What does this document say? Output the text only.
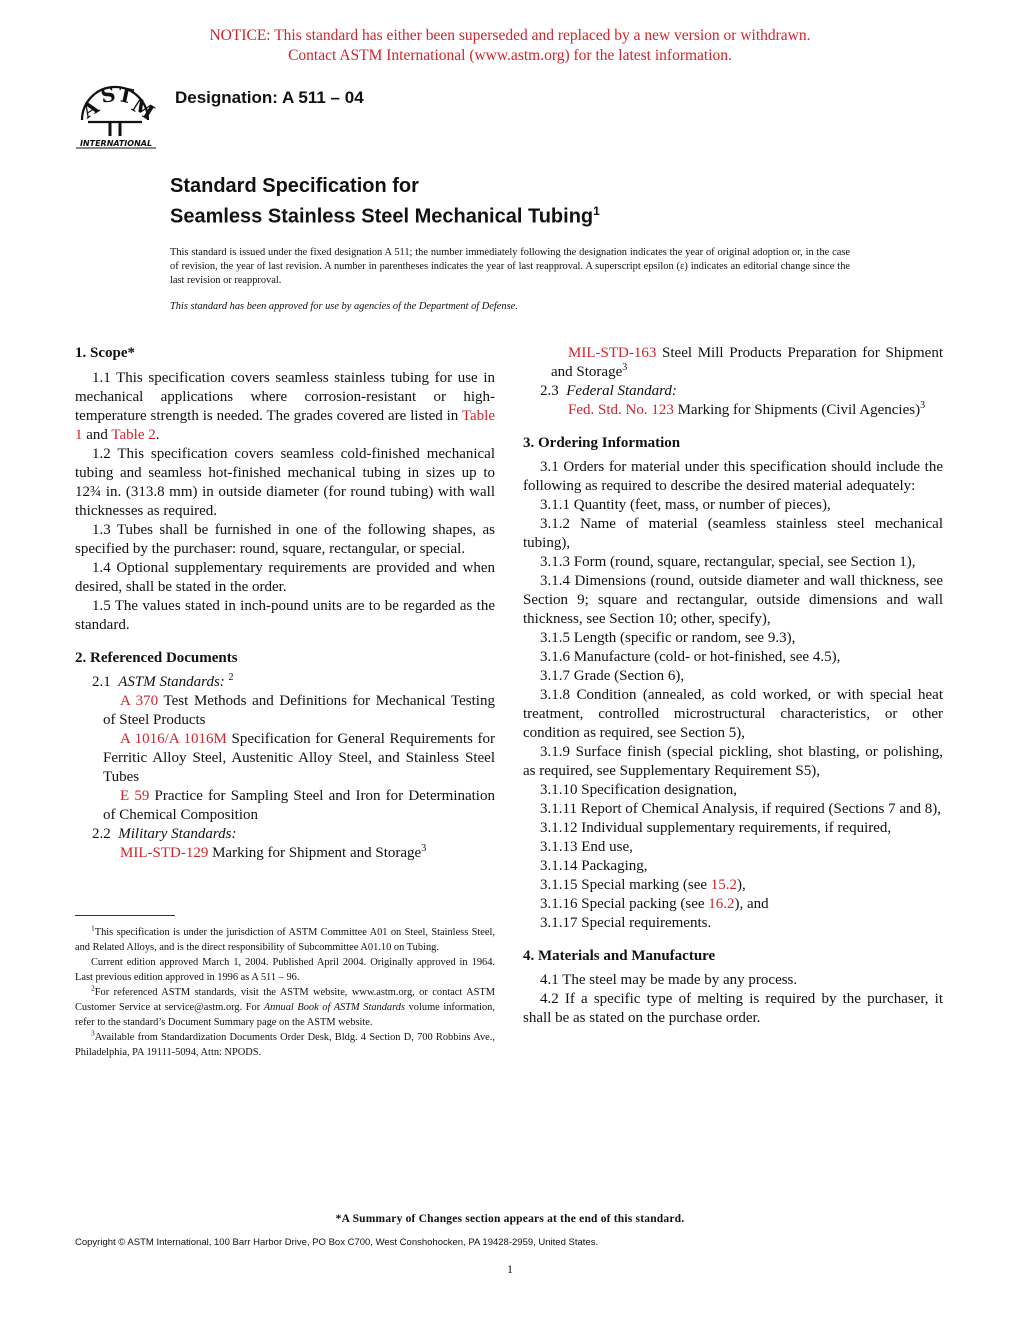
NOTICE: This standard has either been superseded and replaced by a new version or withdrawn.
Contact ASTM International (www.astm.org) for the latest information.
A
S
T
M
INTERNATIONAL
Designation: A 511 – 04
Standard Specification for
Seamless Stainless Steel Mechanical Tubing$^1$
This standard is issued under the fixed designation A 511; the number immediately following the designation indicates the year of original adoption or, in the case of revision, the year of last revision. A number in parentheses indicates the year of last reapproval. A superscript epsilon (ε) indicates an editorial change since the last revision or reapproval.
This standard has been approved for use by agencies of the Department of Defense.
1. Scope*

1.1 This specification covers seamless stainless tubing for use in mechanical applications where corrosion-resistant or high-temperature strength is needed. The grades covered are listed in Table 1 and Table 2.

1.2 This specification covers seamless cold-finished mechanical tubing and seamless hot-finished mechanical tubing in sizes up to 12¾ in. (313.8 mm) in outside diameter (for round tubing) with wall thicknesses as required.

1.3 Tubes shall be furnished in one of the following shapes, as specified by the purchaser: round, square, rectangular, or special.

1.4 Optional supplementary requirements are provided and when desired, shall be stated in the order.

1.5 The values stated in inch-pound units are to be regarded as the standard.

2. Referenced Documents

2.1 ASTM Standards: $^2$

A 370 Test Methods and Definitions for Mechanical Testing of Steel Products

A 1016/A 1016M Specification for General Requirements for Ferritic Alloy Steel, Austenitic Alloy Steel, and Stainless Steel Tubes

E 59 Practice for Sampling Steel and Iron for Determination of Chemical Composition

2.2 Military Standards:

MIL-STD-129 Marking for Shipment and Storage$^3$

$^1$This specification is under the jurisdiction of ASTM Committee A01 on Steel, Stainless Steel, and Related Alloys, and is the direct responsibility of Subcommittee A01.10 on Tubing.

Current edition approved March 1, 2004. Published April 2004. Originally approved in 1964. Last previous edition approved in 1996 as A 511 – 96.

$^2$For referenced ASTM standards, visit the ASTM website, www.astm.org, or contact ASTM Customer Service at service@astm.org. For Annual Book of ASTM Standards volume information, refer to the standard’s Document Summary page on the ASTM website.

$^3$Available from Standardization Documents Order Desk, Bldg. 4 Section D, 700 Robbins Ave., Philadelphia, PA 19111-5094, Attn: NPODS.

MIL-STD-163 Steel Mill Products Preparation for Shipment and Storage$^3$

2.3 Federal Standard:

Fed. Std. No. 123 Marking for Shipments (Civil Agencies)$^3$

3. Ordering Information

3.1 Orders for material under this specification should include the following as required to describe the desired material adequately:

3.1.1 Quantity (feet, mass, or number of pieces),

3.1.2 Name of material (seamless stainless steel mechanical tubing),

3.1.3 Form (round, square, rectangular, special, see Section 1),

3.1.4 Dimensions (round, outside diameter and wall thickness, see Section 9; square and rectangular, outside dimensions and wall thickness, see Section 10; other, specify),

3.1.5 Length (specific or random, see 9.3),

3.1.6 Manufacture (cold- or hot-finished, see 4.5),

3.1.7 Grade (Section 6),

3.1.8 Condition (annealed, as cold worked, or with special heat treatment, controlled microstructural characteristics, or other condition as required, see Section 5),

3.1.9 Surface finish (special pickling, shot blasting, or polishing, as required, see Supplementary Requirement S5),

3.1.10 Specification designation,

3.1.11 Report of Chemical Analysis, if required (Sections 7 and 8),

3.1.12 Individual supplementary requirements, if required,

3.1.13 End use,

3.1.14 Packaging,

3.1.15 Special marking (see 15.2),

3.1.16 Special packing (see 16.2), and

3.1.17 Special requirements.

4. Materials and Manufacture

4.1 The steel may be made by any process.

4.2 If a specific type of melting is required by the purchaser, it shall be as stated on the purchase order.

*A Summary of Changes section appears at the end of this standard.
Copyright © ASTM International, 100 Barr Harbor Drive, PO Box C700, West Conshohocken, PA 19428-2959, United States.
1
